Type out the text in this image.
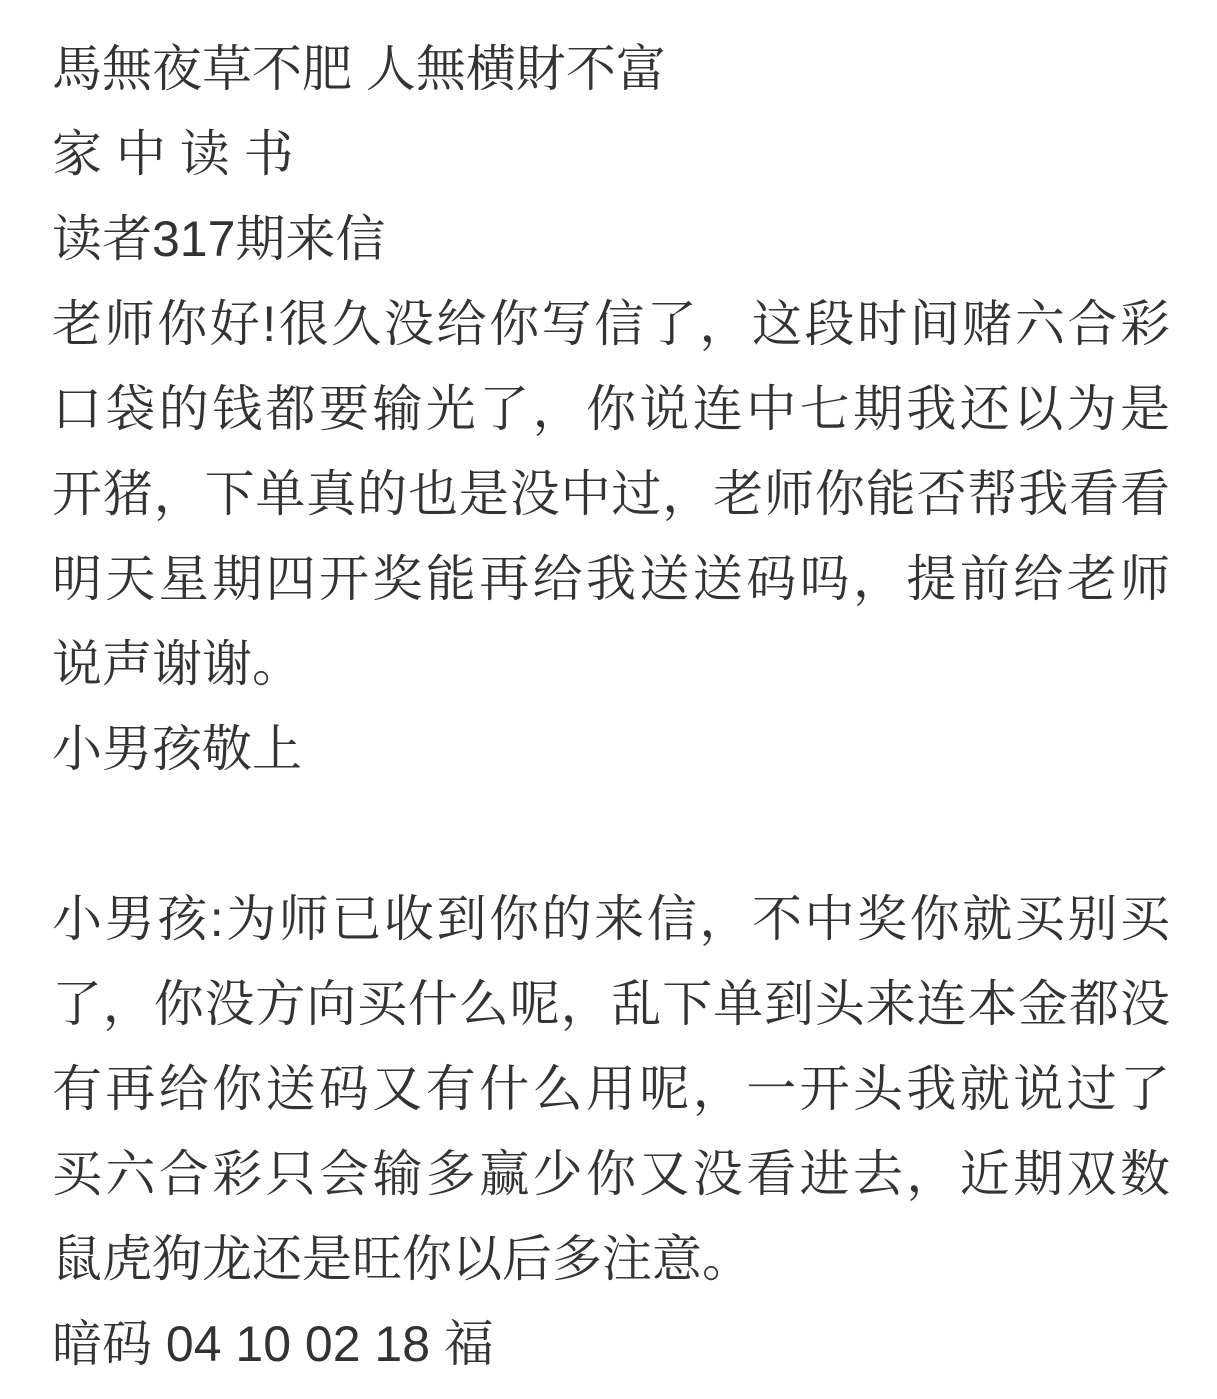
馬無夜草不肥 人無横財不富
家 中 读 书
读者317期来信
老师你好!很久没给你写信了，这段时间赌六合彩
口袋的钱都要输光了，你说连中七期我还以为是
开猪，下单真的也是没中过，老师你能否帮我看看
明天星期四开奖能再给我送送码吗，提前给老师
说声谢谢。
小男孩敬上
小男孩:为师已收到你的来信，不中奖你就买别买
了，你没方向买什么呢，乱下单到头来连本金都没
有再给你送码又有什么用呢，一开头我就说过了
买六合彩只会输多赢少你又没看进去，近期双数
鼠虎狗龙还是旺你以后多注意。
暗码 04 10 02 18 福
